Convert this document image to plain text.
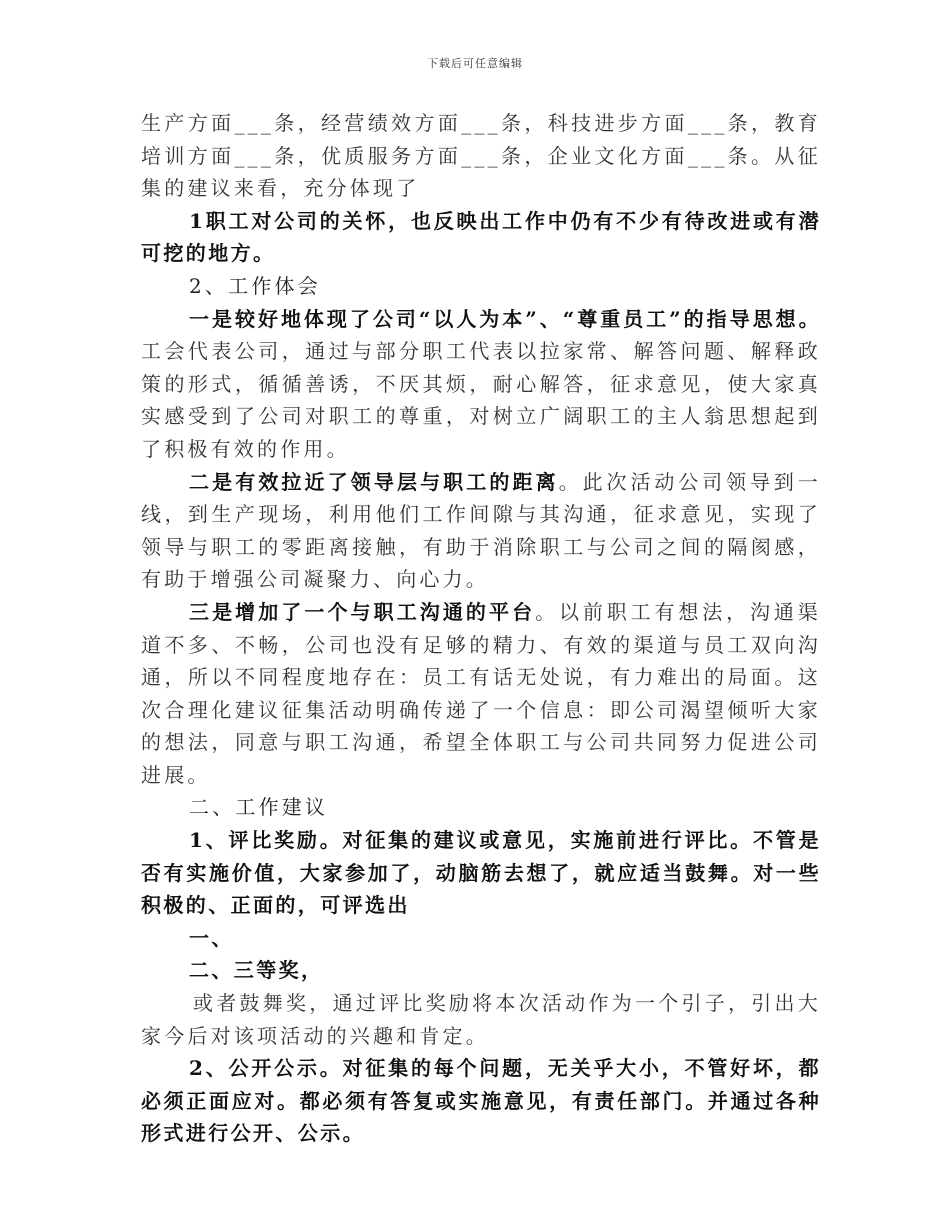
下载后可任意编辑

生产方面___条，经营绩效方面___条，科技进步方面___条，教育培训方面___条，优质服务方面___条，企业文化方面___条。从征集的建议来看，充分体现了

1职工对公司的关怀，也反映出工作中仍有不少有待改进或有潜可挖的地方。

2、工作体会

一是较好地体现了公司“以人为本”、“尊重员工”的指导思想。工会代表公司，通过与部分职工代表以拉家常、解答问题、解释政策的形式，循循善诱，不厌其烦，耐心解答，征求意见，使大家真实感受到了公司对职工的尊重，对树立广阔职工的主人翁思想起到了积极有效的作用。

二是有效拉近了领导层与职工的距离。此次活动公司领导到一线，到生产现场，利用他们工作间隙与其沟通，征求意见，实现了领导与职工的零距离接触，有助于消除职工与公司之间的隔阂感，有助于增强公司凝聚力、向心力。

三是增加了一个与职工沟通的平台。以前职工有想法，沟通渠道不多、不畅，公司也没有足够的精力、有效的渠道与员工双向沟通，所以不同程度地存在：员工有话无处说，有力难出的局面。这次合理化建议征集活动明确传递了一个信息：即公司渴望倾听大家的想法，同意与职工沟通，希望全体职工与公司共同努力促进公司进展。

二、工作建议

1、评比奖励。对征集的建议或意见，实施前进行评比。不管是否有实施价值，大家参加了，动脑筋去想了，就应适当鼓舞。对一些积极的、正面的，可评选出

一、

二、三等奖，

或者鼓舞奖，通过评比奖励将本次活动作为一个引子，引出大家今后对该项活动的兴趣和肯定。

2、公开公示。对征集的每个问题，无关乎大小，不管好坏，都必须正面应对。都必须有答复或实施意见，有责任部门。并通过各种形式进行公开、公示。
